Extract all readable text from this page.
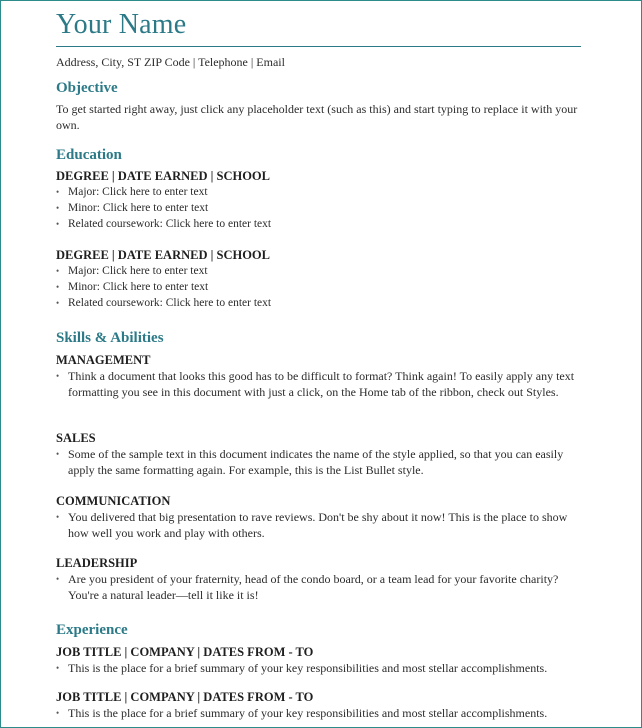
Your Name
Address, City, ST ZIP Code | Telephone | Email
Objective
To get started right away, just click any placeholder text (such as this) and start typing to replace it with your own.
Education
DEGREE | DATE EARNED | SCHOOL
• Major: Click here to enter text
• Minor: Click here to enter text
• Related coursework: Click here to enter text
DEGREE | DATE EARNED | SCHOOL
• Major: Click here to enter text
• Minor: Click here to enter text
• Related coursework: Click here to enter text
Skills & Abilities
MANAGEMENT
• Think a document that looks this good has to be difficult to format? Think again! To easily apply any text formatting you see in this document with just a click, on the Home tab of the ribbon, check out Styles.
SALES
• Some of the sample text in this document indicates the name of the style applied, so that you can easily apply the same formatting again. For example, this is the List Bullet style.
COMMUNICATION
• You delivered that big presentation to rave reviews. Don't be shy about it now! This is the place to show how well you work and play with others.
LEADERSHIP
• Are you president of your fraternity, head of the condo board, or a team lead for your favorite charity? You're a natural leader—tell it like it is!
Experience
JOB TITLE | COMPANY | DATES FROM - TO
• This is the place for a brief summary of your key responsibilities and most stellar accomplishments.
JOB TITLE | COMPANY | DATES FROM - TO
• This is the place for a brief summary of your key responsibilities and most stellar accomplishments.
